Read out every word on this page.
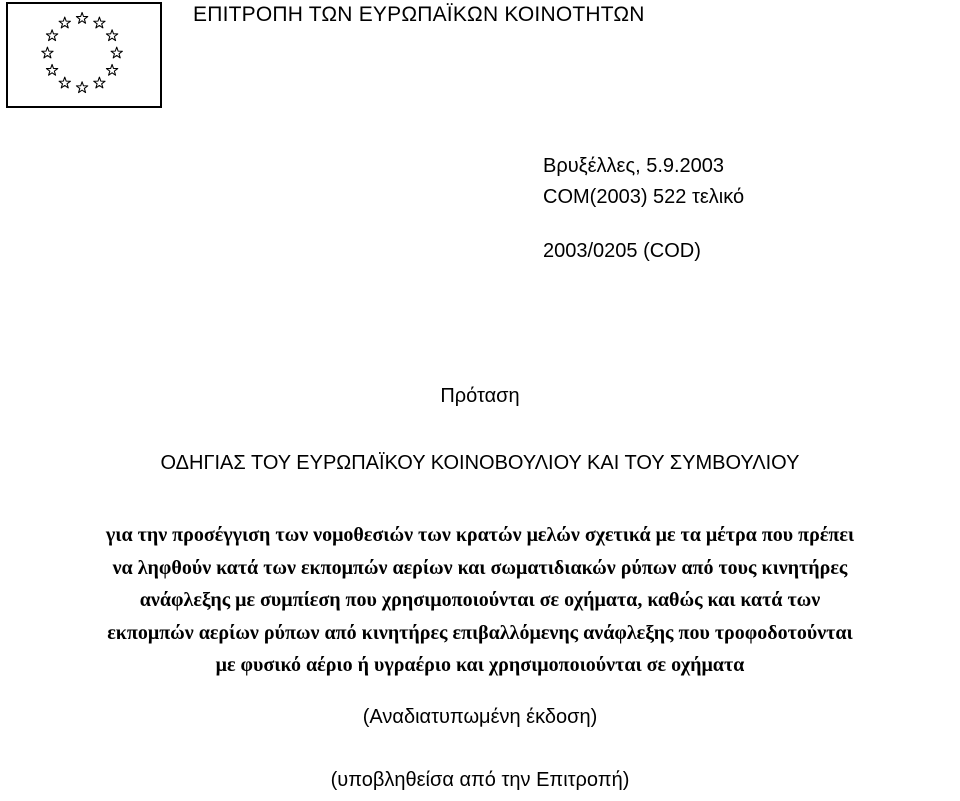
ΕΠΙΤΡΟΠΗ ΤΩΝ ΕΥΡΩΠΑΪΚΩΝ ΚΟΙΝΟΤΗΤΩΝ
Βρυξέλλες, 5.9.2003
COM(2003) 522 τελικό
2003/0205 (COD)
Πρόταση
ΟΔΗΓΙΑΣ ΤΟΥ ΕΥΡΩΠΑΪΚΟΥ ΚΟΙΝΟΒΟΥΛΙΟΥ ΚΑΙ ΤΟΥ ΣΥΜΒΟΥΛΙΟΥ
για την προσέγγιση των νομοθεσιών των κρατών μελών σχετικά με τα μέτρα που πρέπει
να ληφθούν κατά των εκπομπών αερίων και σωματιδιακών ρύπων από τους κινητήρες
ανάφλεξης με συμπίεση που χρησιμοποιούνται σε οχήματα, καθώς και κατά των
εκπομπών αερίων ρύπων από κινητήρες επιβαλλόμενης ανάφλεξης που τροφοδοτούνται
με φυσικό αέριο ή υγραέριο και χρησιμοποιούνται σε οχήματα
(Αναδιατυπωμένη έκδοση)
(υποβληθείσα από την Επιτροπή)
